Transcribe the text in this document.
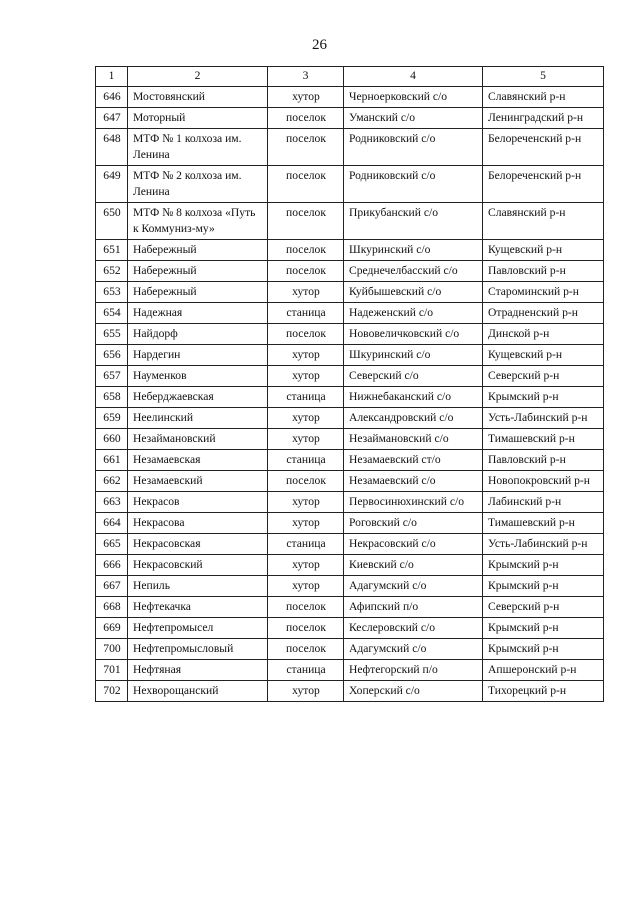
26
1	2	3	4	5
646	Мостовянский	хутор	Черноерковский с/о	Славянский р-н
647	Моторный	поселок	Уманский с/о	Ленинградский р-н
648	МТФ № 1 колхоза им. Ленина	поселок	Родниковский с/о	Белореченский р-н
649	МТФ № 2 колхоза им. Ленина	поселок	Родниковский с/о	Белореченский р-н
650	МТФ № 8 колхоза «Путь к Коммуниз-му»	поселок	Прикубанский с/о	Славянский р-н
651	Набережный	поселок	Шкуринский с/о	Кущевский р-н
652	Набережный	поселок	Среднечелбасский с/о	Павловский р-н
653	Набережный	хутор	Куйбышевский с/о	Староминский р-н
654	Надежная	станица	Надеженский с/о	Отрадненский р-н
655	Найдорф	поселок	Нововеличковский с/о	Динской р-н
656	Нардегин	хутор	Шкуринский с/о	Кущевский р-н
657	Науменков	хутор	Северский с/о	Северский р-н
658	Неберджаевская	станица	Нижнебаканский с/о	Крымский р-н
659	Неелинский	хутор	Александровский с/о	Усть-Лабинский р-н
660	Незаймановский	хутор	Незаймановский с/о	Тимашевский р-н
661	Незамаевская	станица	Незамаевский ст/о	Павловский р-н
662	Незамаевский	поселок	Незамаевский с/о	Новопокровский р-н
663	Некрасов	хутор	Первосинюхинский с/о	Лабинский р-н
664	Некрасова	хутор	Роговский с/о	Тимашевский р-н
665	Некрасовская	станица	Некрасовский с/о	Усть-Лабинский р-н
666	Некрасовский	хутор	Киевский с/о	Крымский р-н
667	Непиль	хутор	Адагумский с/о	Крымский р-н
668	Нефтекачка	поселок	Афипский п/о	Северский р-н
669	Нефтепромысел	поселок	Кеслеровский с/о	Крымский р-н
700	Нефтепромысловый	поселок	Адагумский с/о	Крымский р-н
701	Нефтяная	станица	Нефтегорский п/о	Апшеронский р-н
702	Нехворощанский	хутор	Хоперский с/о	Тихорецкий р-н
